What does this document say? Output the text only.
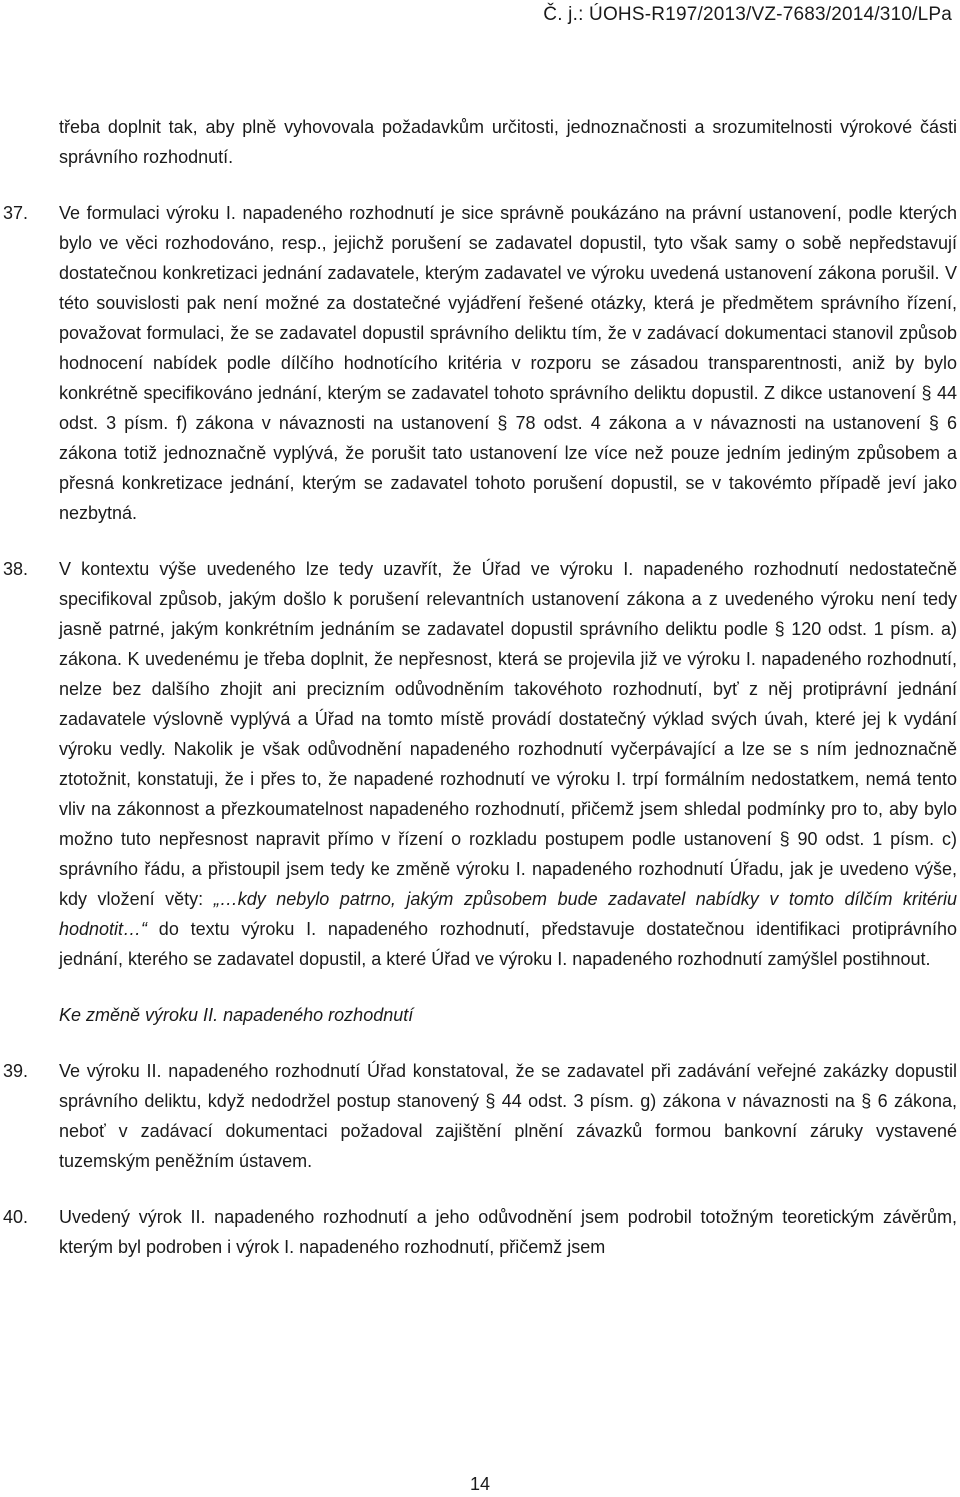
Č. j.: ÚOHS-R197/2013/VZ-7683/2014/310/LPa
třeba doplnit tak, aby plně vyhovovala požadavkům určitosti, jednoznačnosti a srozumitelnosti výrokové části správního rozhodnutí.
37. Ve formulaci výroku I. napadeného rozhodnutí je sice správně poukázáno na právní ustanovení, podle kterých bylo ve věci rozhodováno, resp., jejichž porušení se zadavatel dopustil, tyto však samy o sobě nepředstavují dostatečnou konkretizaci jednání zadavatele, kterým zadavatel ve výroku uvedená ustanovení zákona porušil. V této souvislosti pak není možné za dostatečné vyjádření řešené otázky, která je předmětem správního řízení, považovat formulaci, že se zadavatel dopustil správního deliktu tím, že v zadávací dokumentaci stanovil způsob hodnocení nabídek podle dílčího hodnotícího kritéria v rozporu se zásadou transparentnosti, aniž by bylo konkrétně specifikováno jednání, kterým se zadavatel tohoto správního deliktu dopustil. Z dikce ustanovení § 44 odst. 3 písm. f) zákona v návaznosti na ustanovení § 78 odst. 4 zákona a v návaznosti na ustanovení § 6 zákona totiž jednoznačně vyplývá, že porušit tato ustanovení lze více než pouze jedním jediným způsobem a přesná konkretizace jednání, kterým se zadavatel tohoto porušení dopustil, se v takovémto případě jeví jako nezbytná.
38. V kontextu výše uvedeného lze tedy uzavřít, že Úřad ve výroku I. napadeného rozhodnutí nedostatečně specifikoval způsob, jakým došlo k porušení relevantních ustanovení zákona a z uvedeného výroku není tedy jasně patrné, jakým konkrétním jednáním se zadavatel dopustil správního deliktu podle § 120 odst. 1 písm. a) zákona. K uvedenému je třeba doplnit, že nepřesnost, která se projevila již ve výroku I. napadeného rozhodnutí, nelze bez dalšího zhojit ani precizním odůvodněním takovéhoto rozhodnutí, byť z něj protiprávní jednání zadavatele výslovně vyplývá a Úřad na tomto místě provádí dostatečný výklad svých úvah, které jej k vydání výroku vedly. Nakolik je však odůvodnění napadeného rozhodnutí vyčerpávající a lze se s ním jednoznačně ztotožnit, konstatuji, že i přes to, že napadené rozhodnutí ve výroku I. trpí formálním nedostatkem, nemá tento vliv na zákonnost a přezkoumatelnost napadeného rozhodnutí, přičemž jsem shledal podmínky pro to, aby bylo možno tuto nepřesnost napravit přímo v řízení o rozkladu postupem podle ustanovení § 90 odst. 1 písm. c) správního řádu, a přistoupil jsem tedy ke změně výroku I. napadeného rozhodnutí Úřadu, jak je uvedeno výše, kdy vložení věty: „…kdy nebylo patrno, jakým způsobem bude zadavatel nabídky v tomto dílčím kritériu hodnotit…“ do textu výroku I. napadeného rozhodnutí, představuje dostatečnou identifikaci protiprávního jednání, kterého se zadavatel dopustil, a které Úřad ve výroku I. napadeného rozhodnutí zamýšlel postihnout.
Ke změně výroku II. napadeného rozhodnutí
39. Ve výroku II. napadeného rozhodnutí Úřad konstatoval, že se zadavatel při zadávání veřejné zakázky dopustil správního deliktu, když nedodržel postup stanovený § 44 odst. 3 písm. g) zákona v návaznosti na § 6 zákona, neboť v zadávací dokumentaci požadoval zajištění plnění závazků formou bankovní záruky vystavené tuzemským peněžním ústavem.
40. Uvedený výrok II. napadeného rozhodnutí a jeho odůvodnění jsem podrobil totožným teoretickým závěrům, kterým byl podroben i výrok I. napadeného rozhodnutí, přičemž jsem
14
